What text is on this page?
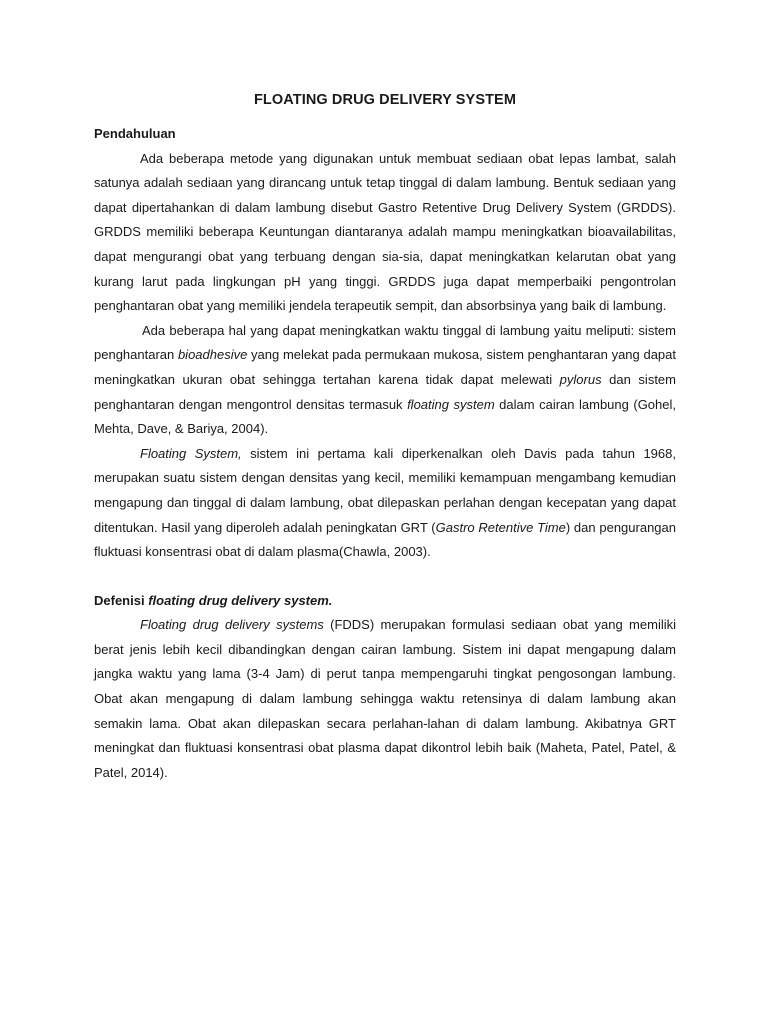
FLOATING DRUG DELIVERY SYSTEM
Pendahuluan

Ada beberapa metode yang digunakan untuk membuat sediaan obat lepas lambat, salah satunya adalah sediaan yang dirancang untuk tetap tinggal di dalam lambung. Bentuk sediaan yang dapat dipertahankan di dalam lambung disebut Gastro Retentive Drug Delivery System (GRDDS). GRDDS memiliki beberapa Keuntungan diantaranya adalah mampu meningkatkan bioavailabilitas, dapat mengurangi obat yang terbuang dengan sia-sia, dapat meningkatkan kelarutan obat yang kurang larut pada lingkungan pH yang tinggi. GRDDS juga dapat memperbaiki pengontrolan penghantaran obat yang memiliki jendela terapeutik sempit, dan absorbsinya yang baik di lambung.

Ada beberapa hal yang dapat meningkatkan waktu tinggal di lambung yaitu meliputi: sistem penghantaran bioadhesive yang melekat pada permukaan mukosa, sistem penghantaran yang dapat meningkatkan ukuran obat sehingga tertahan karena tidak dapat melewati pylorus dan sistem penghantaran dengan mengontrol densitas termasuk floating system dalam cairan lambung (Gohel, Mehta, Dave, & Bariya, 2004).

Floating System, sistem ini pertama kali diperkenalkan oleh Davis pada tahun 1968, merupakan suatu sistem dengan densitas yang kecil, memiliki kemampuan mengambang kemudian mengapung dan tinggal di dalam lambung, obat dilepaskan perlahan dengan kecepatan yang dapat ditentukan. Hasil yang diperoleh adalah peningkatan GRT (Gastro Retentive Time) dan pengurangan fluktuasi konsentrasi obat di dalam plasma(Chawla, 2003).

Defenisi floating drug delivery system.

Floating drug delivery systems (FDDS) merupakan formulasi sediaan obat yang memiliki berat jenis lebih kecil dibandingkan dengan cairan lambung. Sistem ini dapat mengapung dalam jangka waktu yang lama (3-4 Jam) di perut tanpa mempengaruhi tingkat pengosongan lambung. Obat akan mengapung di dalam lambung sehingga waktu retensinya di dalam lambung akan semakin lama. Obat akan dilepaskan secara perlahan-lahan di dalam lambung. Akibatnya GRT meningkat dan fluktuasi konsentrasi obat plasma dapat dikontrol lebih baik (Maheta, Patel, Patel, & Patel, 2014).
